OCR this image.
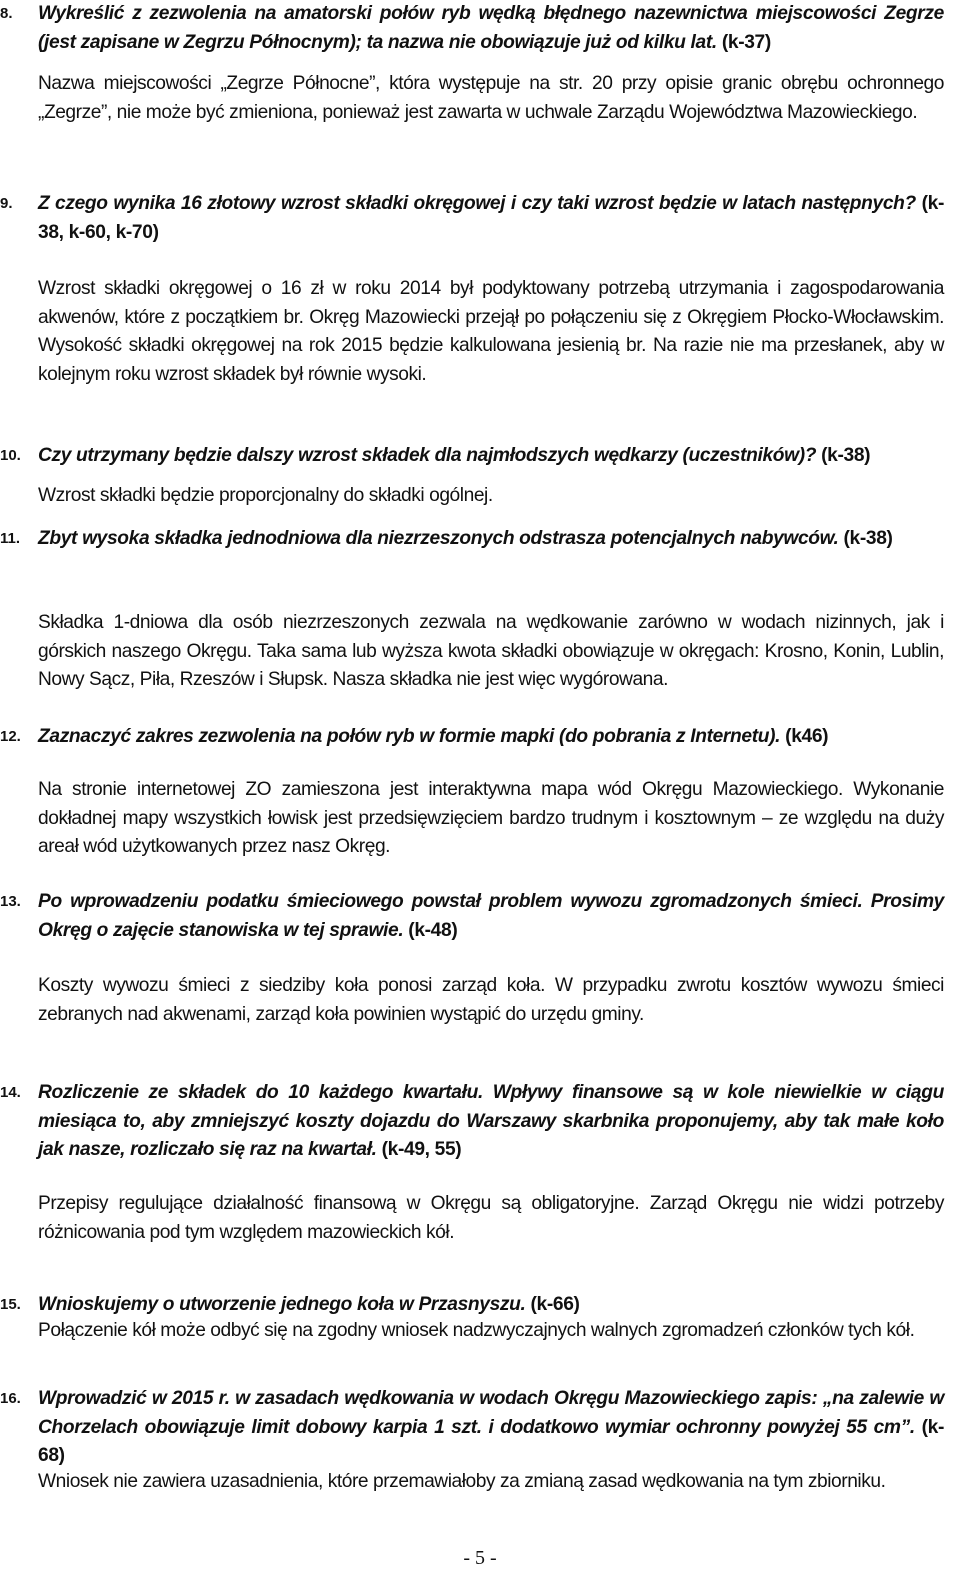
8. Wykreślić z zezwolenia na amatorski połów ryb wędką błędnego nazewnictwa miejscowości Zegrze (jest zapisane w Zegrzu Północnym); ta nazwa nie obowiązuje już od kilku lat. (k-37)

Nazwa miejscowości „Zegrze Północne”, która występuje na str. 20 przy opisie granic obrębu ochronnego „Zegrze”, nie może być zmieniona, ponieważ jest zawarta w uchwale Zarządu Województwa Mazowieckiego.

9. Z czego wynika 16 złotowy wzrost składki okręgowej i czy taki wzrost będzie w latach następnych? (k-38, k-60, k-70)

Wzrost składki okręgowej o 16 zł w roku 2014 był podyktowany potrzebą utrzymania i zagospodarowania akwenów, które z początkiem br. Okręg Mazowiecki przejął po połączeniu się z Okręgiem Płocko-Włocławskim. Wysokość składki okręgowej na rok 2015 będzie kalkulowana jesienią br. Na razie nie ma przesłanek, aby w kolejnym roku wzrost składek był równie wysoki.

10. Czy utrzymany będzie dalszy wzrost składek dla najmłodszych wędkarzy (uczestników)? (k-38)

Wzrost składki będzie proporcjonalny do składki ogólnej.

11. Zbyt wysoka składka jednodniowa dla niezrzeszonych odstrasza potencjalnych nabywców. (k-38)

Składka 1-dniowa dla osób niezrzeszonych zezwala na wędkowanie zarówno w wodach nizinnych, jak i górskich naszego Okręgu. Taka sama lub wyższa kwota składki obowiązuje w okręgach: Krosno, Konin, Lublin, Nowy Sącz, Piła, Rzeszów i Słupsk. Nasza składka nie jest więc wygórowana.

12. Zaznaczyć zakres zezwolenia na połów ryb w formie mapki (do pobrania z Internetu). (k46)

Na stronie internetowej ZO zamieszona jest interaktywna mapa wód Okręgu Mazowieckiego. Wykonanie dokładnej mapy wszystkich łowisk jest przedsięwzięciem bardzo trudnym i kosztownym – ze względu na duży areał wód użytkowanych przez nasz Okręg.

13. Po wprowadzeniu podatku śmieciowego powstał problem wywozu zgromadzonych śmieci. Prosimy Okręg o zajęcie stanowiska w tej sprawie. (k-48)

Koszty wywozu śmieci z siedziby koła ponosi zarząd koła. W przypadku zwrotu kosztów wywozu śmieci zebranych nad akwenami, zarząd koła powinien wystąpić do urzędu gminy.

14. Rozliczenie ze składek do 10 każdego kwartału. Wpływy finansowe są w kole niewielkie w ciągu miesiąca to, aby zmniejszyć koszty dojazdu do Warszawy skarbnika proponujemy, aby tak małe koło jak nasze, rozliczało się raz na kwartał. (k-49, 55)

Przepisy regulujące działalność finansową w Okręgu są obligatoryjne. Zarząd Okręgu nie widzi potrzeby różnicowania pod tym względem mazowieckich kół.

15. Wnioskujemy o utworzenie jednego koła w Przasnyszu. (k-66)

Połączenie kół może odbyć się na zgodny wniosek nadzwyczajnych walnych zgromadzeń członków tych kół.

16. Wprowadzić w 2015 r. w zasadach wędkowania w wodach Okręgu Mazowieckiego zapis: „na zalewie w Chorzelach obowiązuje limit dobowy karpia 1 szt. i dodatkowo wymiar ochronny powyżej 55 cm”. (k-68)

Wniosek nie zawiera uzasadnienia, które przemawiałoby za zmianą zasad wędkowania na tym zbiorniku.

- 5 -
